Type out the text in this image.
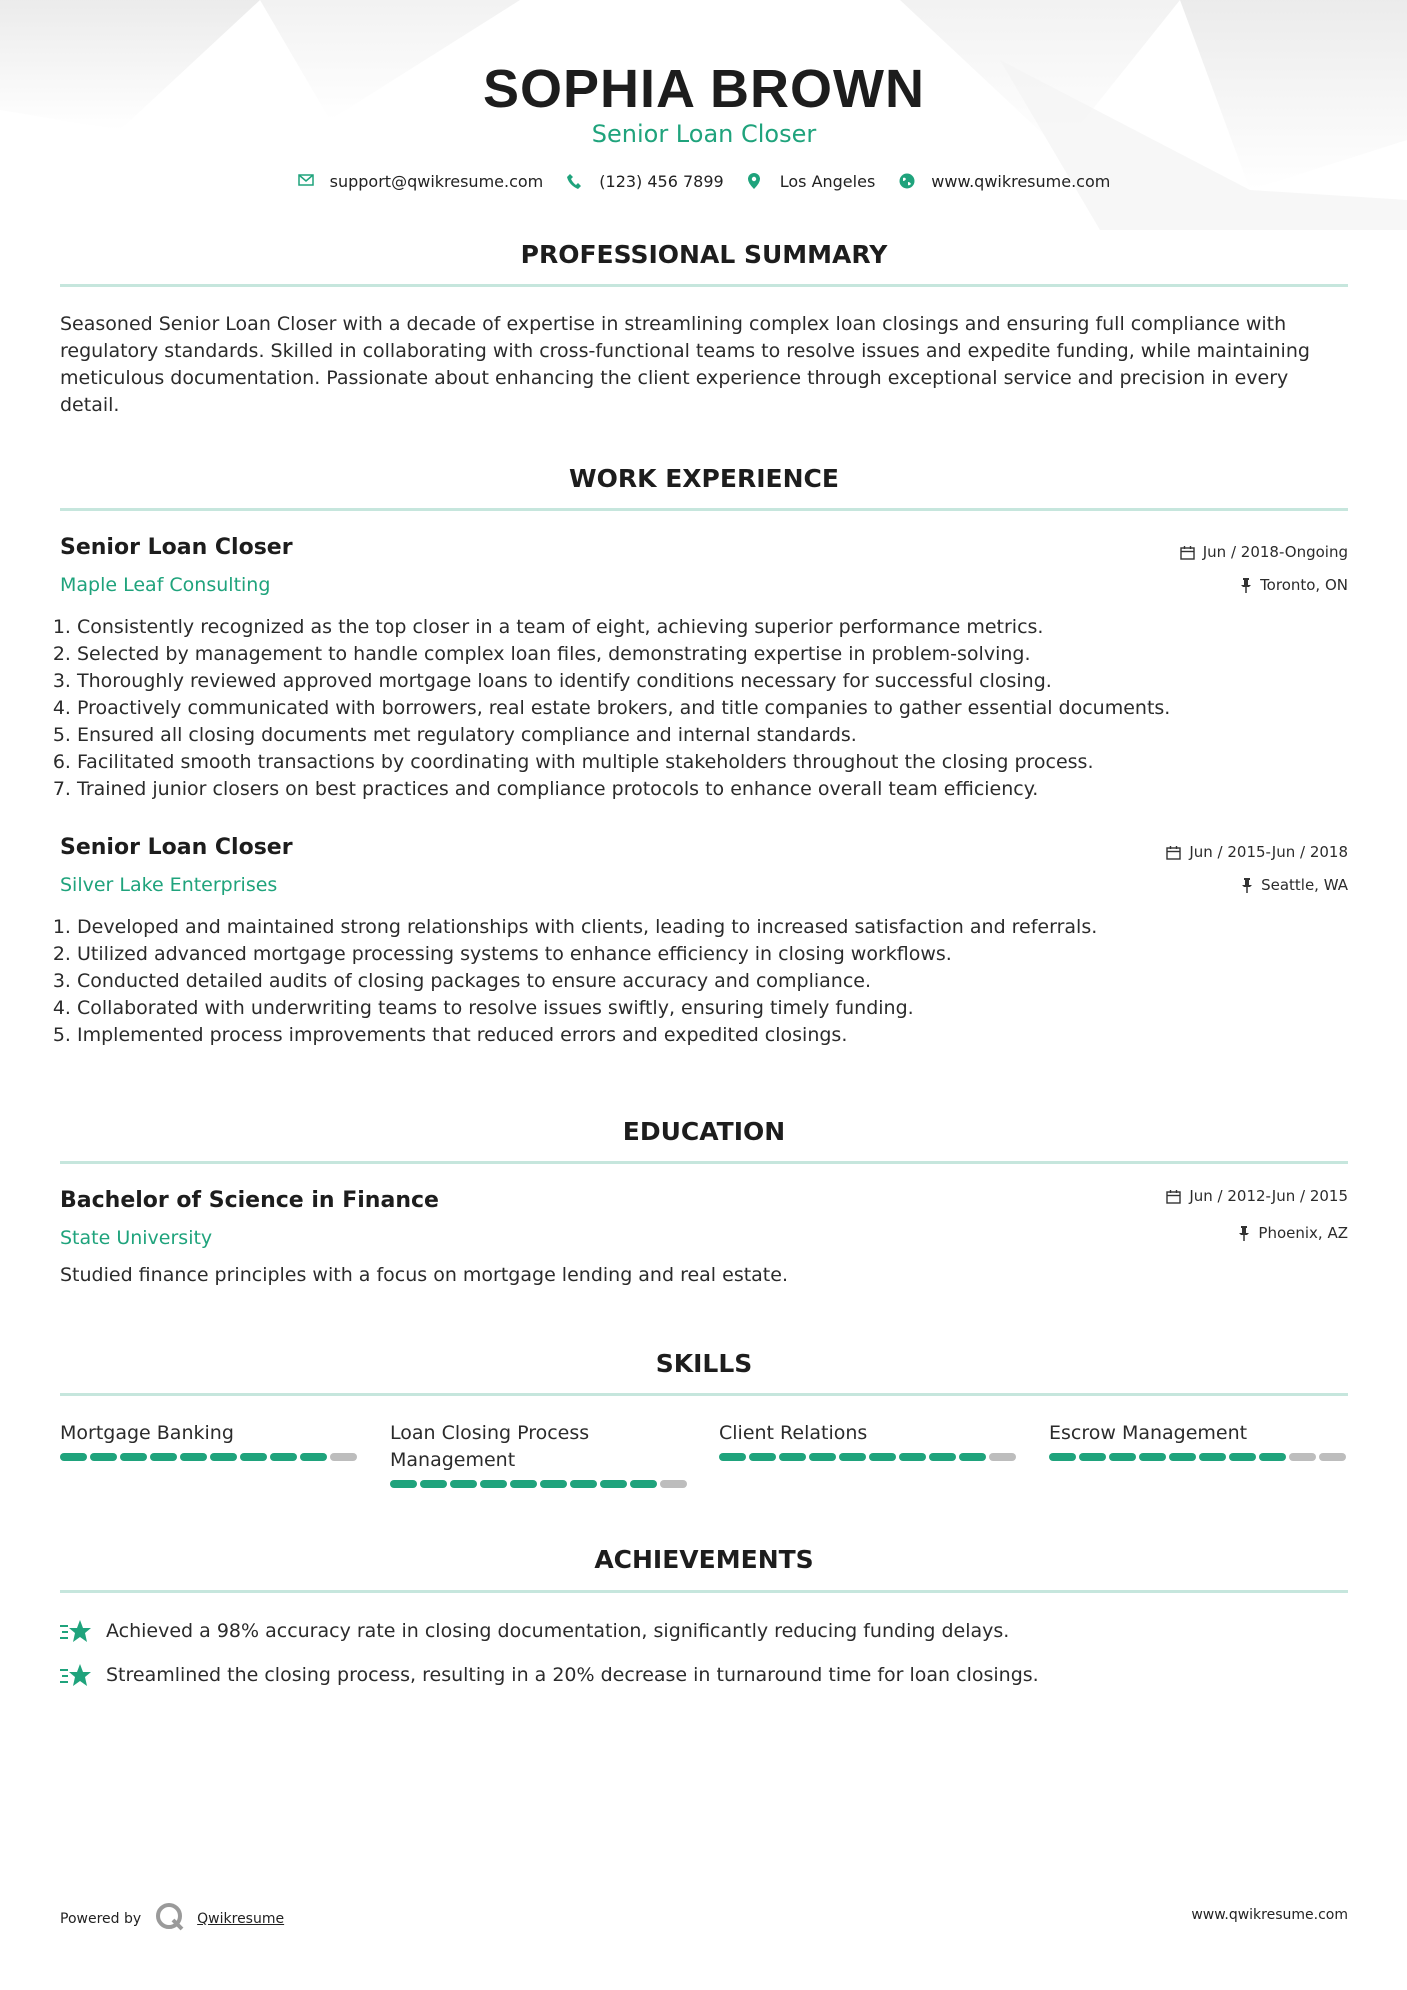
SOPHIA BROWN
Senior Loan Closer
support@qwikresume.com	(123) 456 7899	Los Angeles	www.qwikresume.com
PROFESSIONAL SUMMARY
Seasoned Senior Loan Closer with a decade of expertise in streamlining complex loan closings and ensuring full compliance with regulatory standards. Skilled in collaborating with cross-functional teams to resolve issues and expedite funding, while maintaining meticulous documentation. Passionate about enhancing the client experience through exceptional service and precision in every detail.
WORK EXPERIENCE
Senior Loan Closer
Maple Leaf Consulting
Jun / 2018-Ongoing
Toronto, ON
1. Consistently recognized as the top closer in a team of eight, achieving superior performance metrics.
2. Selected by management to handle complex loan files, demonstrating expertise in problem-solving.
3. Thoroughly reviewed approved mortgage loans to identify conditions necessary for successful closing.
4. Proactively communicated with borrowers, real estate brokers, and title companies to gather essential documents.
5. Ensured all closing documents met regulatory compliance and internal standards.
6. Facilitated smooth transactions by coordinating with multiple stakeholders throughout the closing process.
7. Trained junior closers on best practices and compliance protocols to enhance overall team efficiency.
Senior Loan Closer
Silver Lake Enterprises
Jun / 2015-Jun / 2018
Seattle, WA
1. Developed and maintained strong relationships with clients, leading to increased satisfaction and referrals.
2. Utilized advanced mortgage processing systems to enhance efficiency in closing workflows.
3. Conducted detailed audits of closing packages to ensure accuracy and compliance.
4. Collaborated with underwriting teams to resolve issues swiftly, ensuring timely funding.
5. Implemented process improvements that reduced errors and expedited closings.
EDUCATION
Bachelor of Science in Finance
State University
Jun / 2012-Jun / 2015
Phoenix, AZ
Studied finance principles with a focus on mortgage lending and real estate.
SKILLS
Mortgage Banking	Loan Closing Process Management
Client Relations	Escrow Management
ACHIEVEMENTS
Achieved a 98% accuracy rate in closing documentation, significantly reducing funding delays.
Streamlined the closing process, resulting in a 20% decrease in turnaround time for loan closings.
Powered by	Qwikresume	www.qwikresume.com
